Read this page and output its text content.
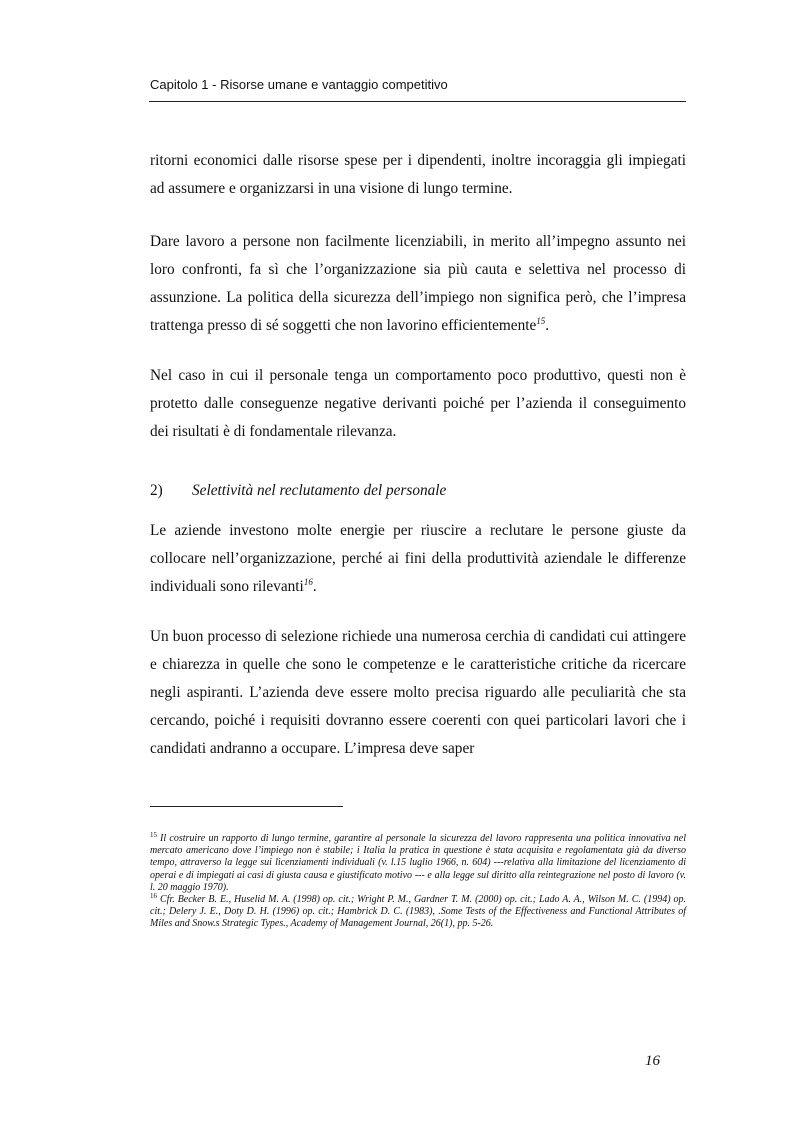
Capitolo 1 - Risorse umane e vantaggio competitivo

ritorni economici dalle risorse spese per i dipendenti, inoltre incoraggia gli impiegati ad assumere e organizzarsi in una visione di lungo termine.

Dare lavoro a persone non facilmente licenziabili, in merito all’impegno assunto nei loro confronti, fa sì che l’organizzazione sia più cauta e selettiva nel processo di assunzione. La politica della sicurezza dell’impiego non significa però, che l’impresa trattenga presso di sé soggetti che non lavorino efficientemente$^{15}$.

Nel caso in cui il personale tenga un comportamento poco produttivo, questi non è protetto dalle conseguenze negative derivanti poiché per l’azienda il conseguimento dei risultati è di fondamentale rilevanza.

2) Selettività nel reclutamento del personale

Le aziende investono molte energie per riuscire a reclutare le persone giuste da collocare nell’organizzazione, perché ai fini della produttività aziendale le differenze individuali sono rilevanti$^{16}$.

Un buon processo di selezione richiede una numerosa cerchia di candidati cui attingere e chiarezza in quelle che sono le competenze e le caratteristiche critiche da ricercare negli aspiranti. L’azienda deve essere molto precisa riguardo alle peculiarità che sta cercando, poiché i requisiti dovranno essere coerenti con quei particolari lavori che i candidati andranno a occupare. L’impresa deve saper

$^{15}$ Il costruire un rapporto di lungo termine, garantire al personale la sicurezza del lavoro rappresenta una politica innovativa nel mercato americano dove l’impiego non è stabile; i Italia la pratica in questione è stata acquisita e regolamentata già da diverso tempo, attraverso la legge sui licenziamenti individuali (v. l.15 luglio 1966, n. 604) ---relativa alla limitazione del licenziamento di operai e di impiegati ai casi di giusta causa e giustificato motivo --- e alla legge sul diritto alla reintegrazione nel posto di lavoro (v. l. 20 maggio 1970).

$^{16}$ Cfr. Becker B. E., Huselid M. A. (1998) op. cit.; Wright P. M., Gardner T. M. (2000) op. cit.; Lado A. A., Wilson M. C. (1994) op. cit.; Delery J. E., Doty D. H. (1996) op. cit.; Hambrick D. C. (1983), .Some Tests of the Effectiveness and Functional Attributes of Miles and Snow.s Strategic Types., Academy of Management Journal, 26(1), pp. 5-26.

16
